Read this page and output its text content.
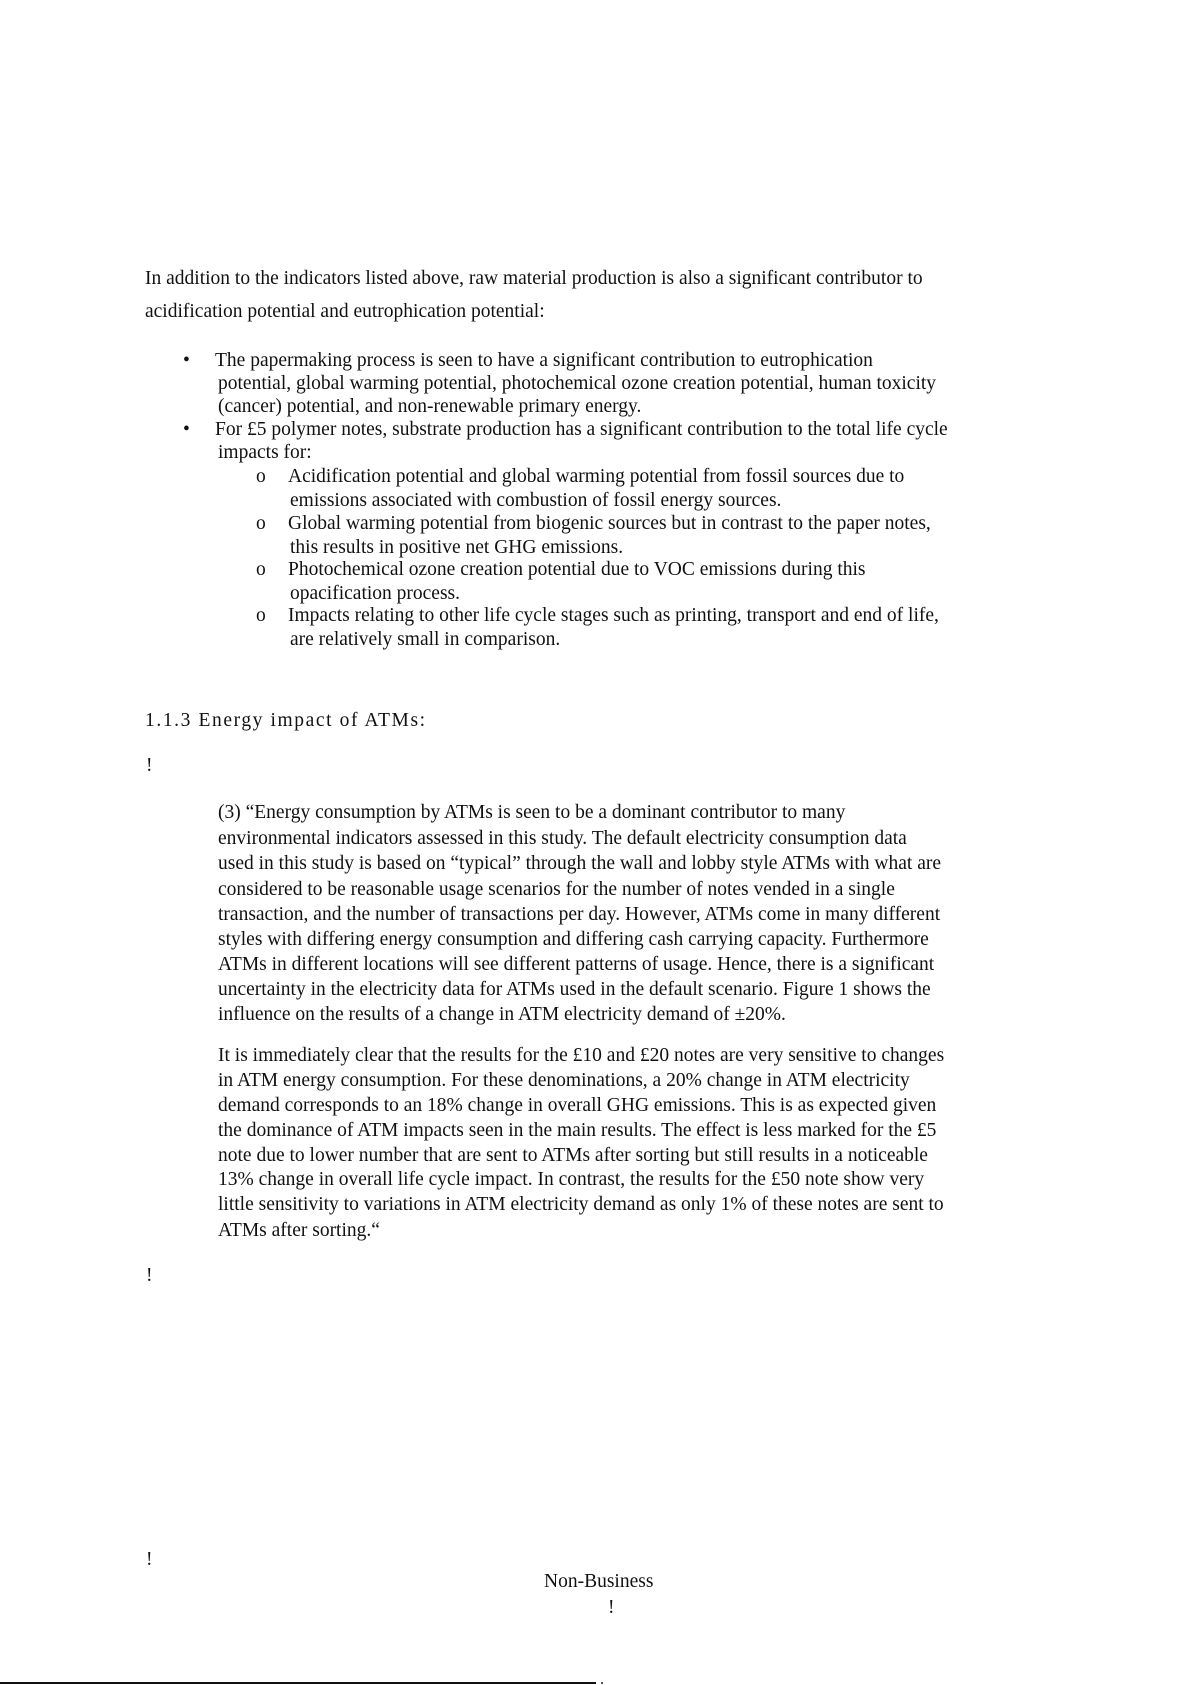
In addition to the indicators listed above, raw material production is also a significant contributor to
acidification potential and eutrophication potential:
• The papermaking process is seen to have a significant contribution to eutrophication
potential, global warming potential, photochemical ozone creation potential, human toxicity
(cancer) potential, and non-renewable primary energy.
• For £5 polymer notes, substrate production has a significant contribution to the total life cycle
impacts for:
o Acidification potential and global warming potential from fossil sources due to
emissions associated with combustion of fossil energy sources.
o Global warming potential from biogenic sources but in contrast to the paper notes,
this results in positive net GHG emissions.
o Photochemical ozone creation potential due to VOC emissions during this
opacification process.
o Impacts relating to other life cycle stages such as printing, transport and end of life,
are relatively small in comparison.
1.1.3 Energy impact of ATMs:
!
(3) “Energy consumption by ATMs is seen to be a dominant contributor to many
environmental indicators assessed in this study. The default electricity consumption data
used in this study is based on “typical” through the wall and lobby style ATMs with what are
considered to be reasonable usage scenarios for the number of notes vended in a single
transaction, and the number of transactions per day. However, ATMs come in many different
styles with differing energy consumption and differing cash carrying capacity. Furthermore
ATMs in different locations will see different patterns of usage. Hence, there is a significant
uncertainty in the electricity data for ATMs used in the default scenario. Figure 1 shows the
influence on the results of a change in ATM electricity demand of ±20%.
It is immediately clear that the results for the £10 and £20 notes are very sensitive to changes
in ATM energy consumption. For these denominations, a 20% change in ATM electricity
demand corresponds to an 18% change in overall GHG emissions. This is as expected given
the dominance of ATM impacts seen in the main results. The effect is less marked for the £5
note due to lower number that are sent to ATMs after sorting but still results in a noticeable
13% change in overall life cycle impact. In contrast, the results for the £50 note show very
little sensitivity to variations in ATM electricity demand as only 1% of these notes are sent to
ATMs after sorting.“
!
!
Non-Business
!
